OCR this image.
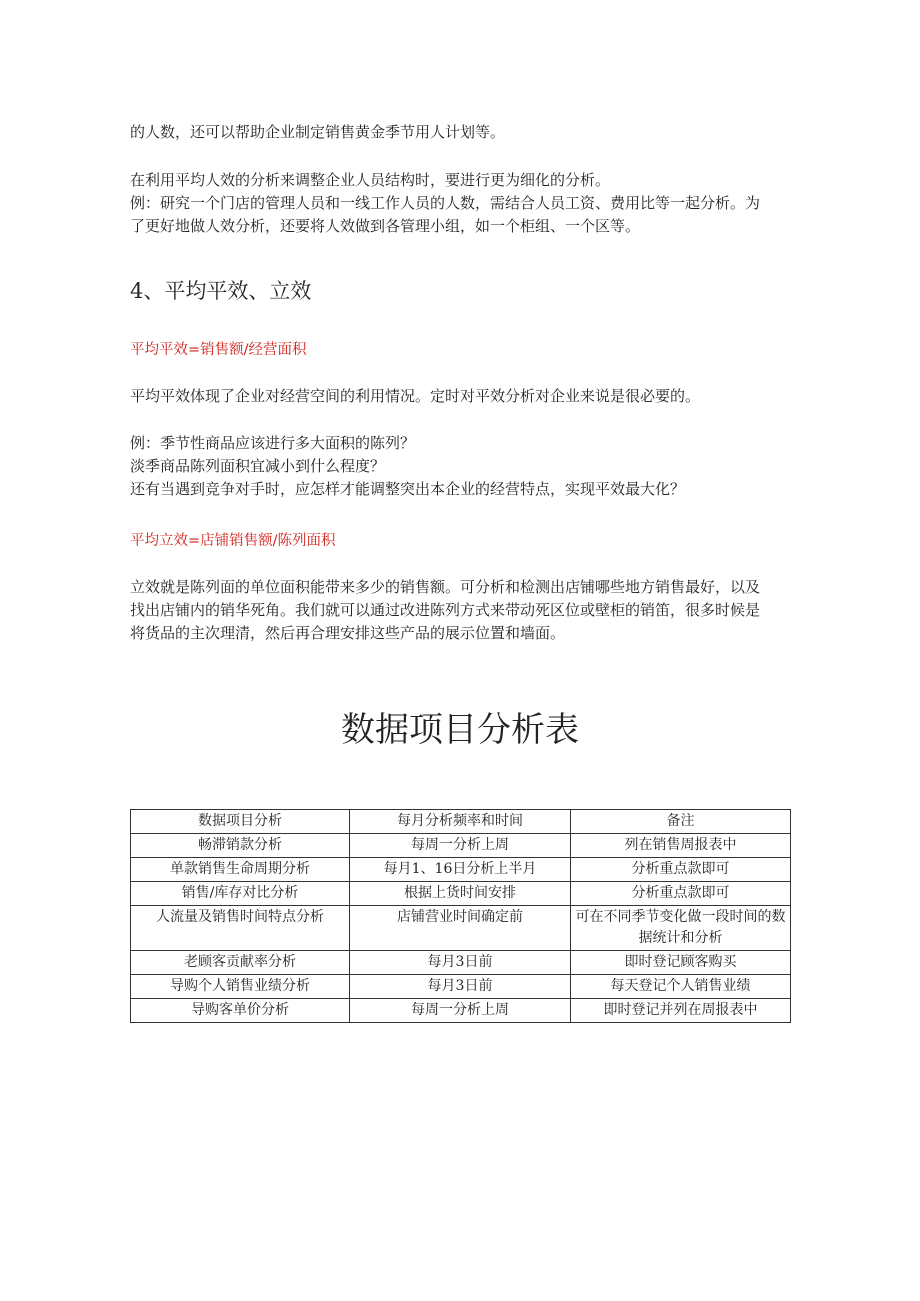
的人数，还可以帮助企业制定销售黄金季节用人计划等。
在利用平均人效的分析来调整企业人员结构时，要进行更为细化的分析。
例：研究一个门店的管理人员和一线工作人员的人数，需结合人员工资、费用比等一起分析。为
了更好地做人效分析，还要将人效做到各管理小组，如一个柜组、一个区等。
4、平均平效、立效
平均平效=销售额/经营面积
平均平效体现了企业对经营空间的利用情况。定时对平效分析对企业来说是很必要的。
例：季节性商品应该进行多大面积的陈列？
淡季商品陈列面积宜减小到什么程度？
还有当遇到竞争对手时，应怎样才能调整突出本企业的经营特点，实现平效最大化？
平均立效=店铺销售额/陈列面积
立效就是陈列面的单位面积能带来多少的销售额。可分析和检测出店铺哪些地方销售最好，以及
找出店铺内的销华死角。我们就可以通过改进陈列方式来带动死区位或壁柜的销笛，很多时候是
将货品的主次理清，然后再合理安排这些产品的展示位置和墙面。
数据项目分析表
数据项目分析	每月分析频率和时间	备注
畅滞销款分析	每周一分析上周	列在销售周报表中
单款销售生命周期分析	每月1、16日分析上半月	分析重点款即可
销售/库存对比分析	根据上货时间安排	分析重点款即可
人流量及销售时间特点分析	店铺营业时间确定前	可在不同季节变化做一段时间的数据统计和分析
老顾客贡献率分析	每月3日前	即时登记顾客购买
导购个人销售业绩分析	每月3日前	每天登记个人销售业绩
导购客单价分析	每周一分析上周	即时登记并列在周报表中
